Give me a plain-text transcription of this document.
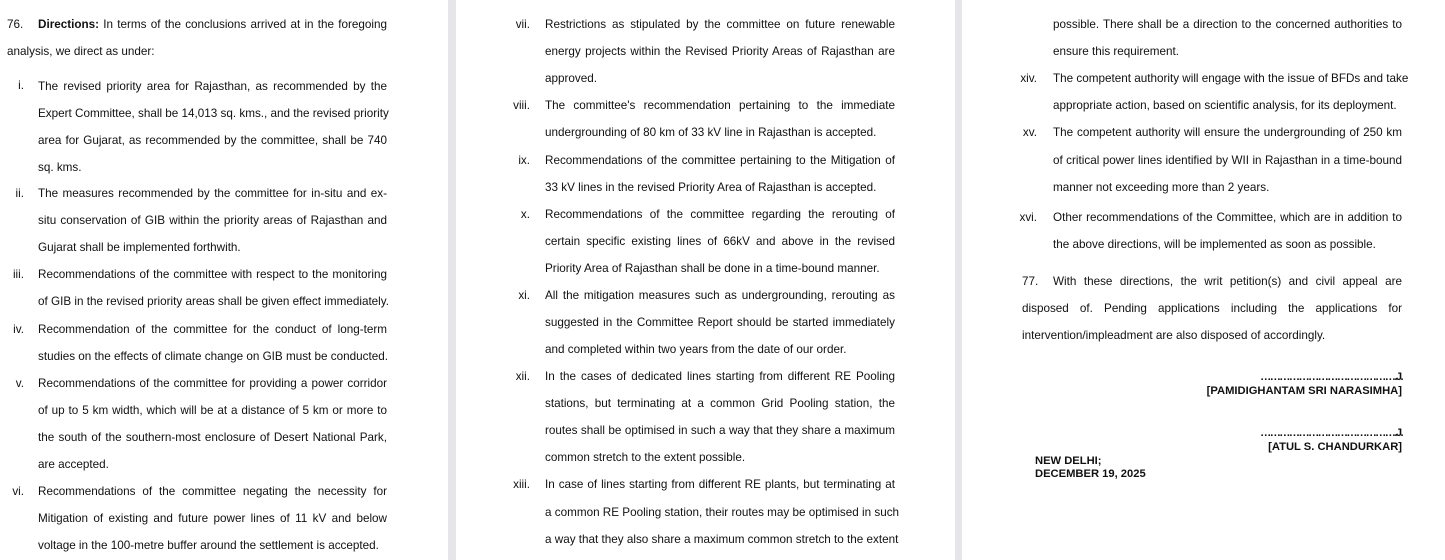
76.	Directions: In terms of the conclusions arrived at in the foregoing
analysis, we direct as under:
i. The revised priority area for Rajasthan, as recommended by the
Expert Committee, shall be 14,013 sq. kms., and the revised priority
area for Gujarat, as recommended by the committee, shall be 740
sq. kms.
ii. The measures recommended by the committee for in-situ and ex-
situ conservation of GIB within the priority areas of Rajasthan and
Gujarat shall be implemented forthwith.
iii. Recommendations of the committee with respect to the monitoring
of GIB in the revised priority areas shall be given effect immediately.
iv. Recommendation of the committee for the conduct of long-term
studies on the effects of climate change on GIB must be conducted.
v. Recommendations of the committee for providing a power corridor
of up to 5 km width, which will be at a distance of 5 km or more to
the south of the southern-most enclosure of Desert National Park,
are accepted.
vi. Recommendations of the committee negating the necessity for
Mitigation of existing and future power lines of 11 kV and below
voltage in the 100-metre buffer around the settlement is accepted.
vii. Restrictions as stipulated by the committee on future renewable
energy projects within the Revised Priority Areas of Rajasthan are
approved.
viii. The committee's recommendation pertaining to the immediate
undergrounding of 80 km of 33 kV line in Rajasthan is accepted.
ix. Recommendations of the committee pertaining to the Mitigation of
33 kV lines in the revised Priority Area of Rajasthan is accepted.
x. Recommendations of the committee regarding the rerouting of
certain specific existing lines of 66kV and above in the revised
Priority Area of Rajasthan shall be done in a time-bound manner.
xi. All the mitigation measures such as undergrounding, rerouting as
suggested in the Committee Report should be started immediately
and completed within two years from the date of our order.
xii. In the cases of dedicated lines starting from different RE Pooling
stations, but terminating at a common Grid Pooling station, the
routes shall be optimised in such a way that they share a maximum
common stretch to the extent possible.
xiii. In case of lines starting from different RE plants, but terminating at
a common RE Pooling station, their routes may be optimised in such
a way that they also share a maximum common stretch to the extent
possible. There shall be a direction to the concerned authorities to
ensure this requirement.
xiv. The competent authority will engage with the issue of BFDs and take
appropriate action, based on scientific analysis, for its deployment.
xv. The competent authority will ensure the undergrounding of 250 km
of critical power lines identified by WII in Rajasthan in a time-bound
manner not exceeding more than 2 years.
xvi. Other recommendations of the Committee, which are in addition to
the above directions, will be implemented as soon as possible.
77.	With these directions, the writ petition(s) and civil appeal are
disposed of. Pending applications including the applications for
intervention/impleadment are also disposed of accordingly.
…………………………………….J.
[PAMIDIGHANTAM SRI NARASIMHA]
…………………………………….J.
[ATUL S. CHANDURKAR]
NEW DELHI;
DECEMBER 19, 2025
